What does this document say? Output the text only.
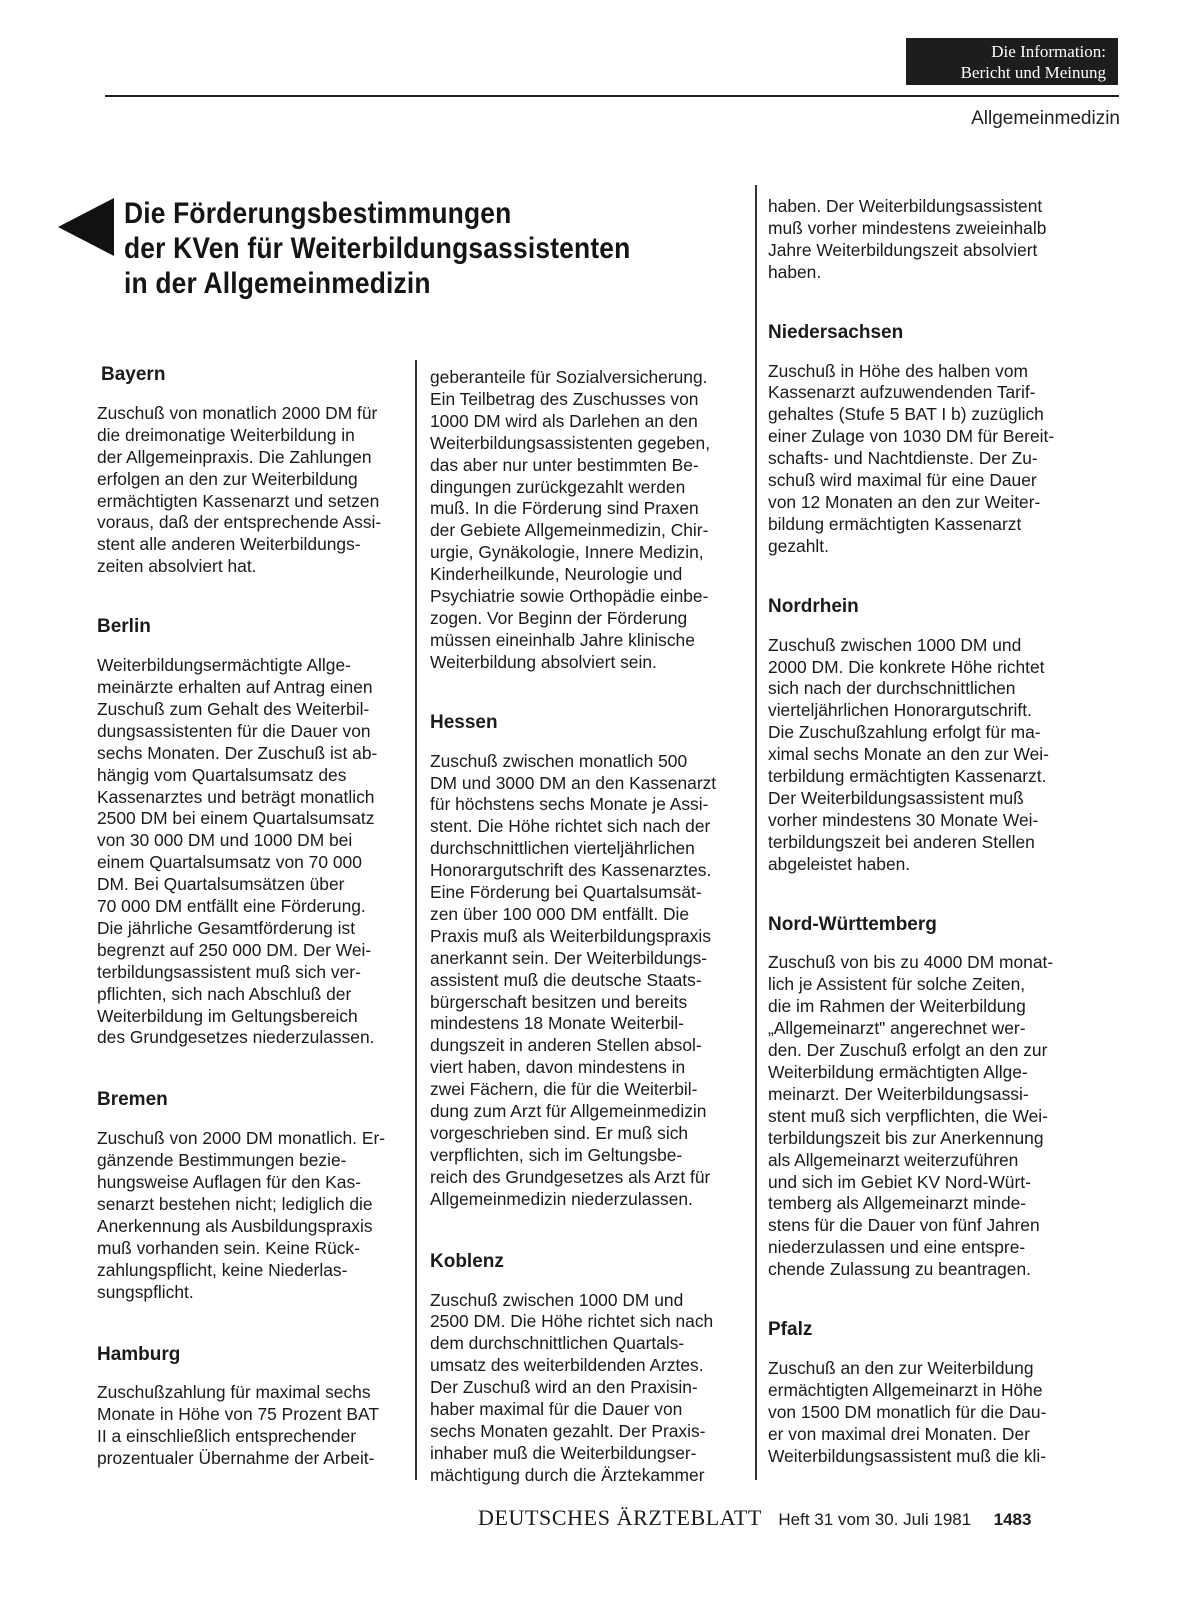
Die Information:
Bericht und Meinung
Allgemeinmedizin
Die Förderungsbestimmungen
der KVen für Weiterbildungsassistenten
in der Allgemeinmedizin
Bayern

Zuschuß von monatlich 2000 DM für
die dreimonatige Weiterbildung in
der Allgemeinpraxis. Die Zahlungen
erfolgen an den zur Weiterbildung
ermächtigten Kassenarzt und setzen
voraus, daß der entsprechende Assi-
stent alle anderen Weiterbildungs-
zeiten absolviert hat.

Berlin

Weiterbildungsermächtigte Allge-
meinärzte erhalten auf Antrag einen
Zuschuß zum Gehalt des Weiterbil-
dungsassistenten für die Dauer von
sechs Monaten. Der Zuschuß ist ab-
hängig vom Quartalsumsatz des
Kassenarztes und beträgt monatlich
2500 DM bei einem Quartalsumsatz
von 30 000 DM und 1000 DM bei
einem Quartalsumsatz von 70 000
DM. Bei Quartalsumsätzen über
70 000 DM entfällt eine Förderung.
Die jährliche Gesamtförderung ist
begrenzt auf 250 000 DM. Der Wei-
terbildungsassistent muß sich ver-
pflichten, sich nach Abschluß der
Weiterbildung im Geltungsbereich
des Grundgesetzes niederzulassen.

Bremen

Zuschuß von 2000 DM monatlich. Er-
gänzende Bestimmungen bezie-
hungsweise Auflagen für den Kas-
senarzt bestehen nicht; lediglich die
Anerkennung als Ausbildungspraxis
muß vorhanden sein. Keine Rück-
zahlungspflicht, keine Niederlas-
sungspflicht.

Hamburg

Zuschußzahlung für maximal sechs
Monate in Höhe von 75 Prozent BAT
II a einschließlich entsprechender
prozentualer Übernahme der Arbeit-

geberanteile für Sozialversicherung.
Ein Teilbetrag des Zuschusses von
1000 DM wird als Darlehen an den
Weiterbildungsassistenten gegeben,
das aber nur unter bestimmten Be-
dingungen zurückgezahlt werden
muß. In die Förderung sind Praxen
der Gebiete Allgemeinmedizin, Chir-
urgie, Gynäkologie, Innere Medizin,
Kinderheilkunde, Neurologie und
Psychiatrie sowie Orthopädie einbe-
zogen. Vor Beginn der Förderung
müssen eineinhalb Jahre klinische
Weiterbildung absolviert sein.

Hessen

Zuschuß zwischen monatlich 500
DM und 3000 DM an den Kassenarzt
für höchstens sechs Monate je Assi-
stent. Die Höhe richtet sich nach der
durchschnittlichen vierteljährlichen
Honorargutschrift des Kassenarztes.
Eine Förderung bei Quartalsumsät-
zen über 100 000 DM entfällt. Die
Praxis muß als Weiterbildungspraxis
anerkannt sein. Der Weiterbildungs-
assistent muß die deutsche Staats-
bürgerschaft besitzen und bereits
mindestens 18 Monate Weiterbil-
dungszeit in anderen Stellen absol-
viert haben, davon mindestens in
zwei Fächern, die für die Weiterbil-
dung zum Arzt für Allgemeinmedizin
vorgeschrieben sind. Er muß sich
verpflichten, sich im Geltungsbe-
reich des Grundgesetzes als Arzt für
Allgemeinmedizin niederzulassen.

Koblenz

Zuschuß zwischen 1000 DM und
2500 DM. Die Höhe richtet sich nach
dem durchschnittlichen Quartals-
umsatz des weiterbildenden Arztes.
Der Zuschuß wird an den Praxisin-
haber maximal für die Dauer von
sechs Monaten gezahlt. Der Praxis-
inhaber muß die Weiterbildungser-
mächtigung durch die Ärztekammer

haben. Der Weiterbildungsassistent
muß vorher mindestens zweieinhalb
Jahre Weiterbildungszeit absolviert
haben.

Niedersachsen

Zuschuß in Höhe des halben vom
Kassenarzt aufzuwendenden Tarif-
gehaltes (Stufe 5 BAT I b) zuzüglich
einer Zulage von 1030 DM für Bereit-
schafts- und Nachtdienste. Der Zu-
schuß wird maximal für eine Dauer
von 12 Monaten an den zur Weiter-
bildung ermächtigten Kassenarzt
gezahlt.

Nordrhein

Zuschuß zwischen 1000 DM und
2000 DM. Die konkrete Höhe richtet
sich nach der durchschnittlichen
vierteljährlichen Honorargutschrift.
Die Zuschußzahlung erfolgt für ma-
ximal sechs Monate an den zur Wei-
terbildung ermächtigten Kassenarzt.
Der Weiterbildungsassistent muß
vorher mindestens 30 Monate Wei-
terbildungszeit bei anderen Stellen
abgeleistet haben.

Nord-Württemberg

Zuschuß von bis zu 4000 DM monat-
lich je Assistent für solche Zeiten,
die im Rahmen der Weiterbildung
„Allgemeinarzt" angerechnet wer-
den. Der Zuschuß erfolgt an den zur
Weiterbildung ermächtigten Allge-
meinarzt. Der Weiterbildungsassi-
stent muß sich verpflichten, die Wei-
terbildungszeit bis zur Anerkennung
als Allgemeinarzt weiterzuführen
und sich im Gebiet KV Nord-Würt-
temberg als Allgemeinarzt minde-
stens für die Dauer von fünf Jahren
niederzulassen und eine entspre-
chende Zulassung zu beantragen.

Pfalz

Zuschuß an den zur Weiterbildung
ermächtigten Allgemeinarzt in Höhe
von 1500 DM monatlich für die Dau-
er von maximal drei Monaten. Der
Weiterbildungsassistent muß die kli-

DEUTSCHES ÄRZTEBLATT Heft 31 vom 30. Juli 1981 1483
